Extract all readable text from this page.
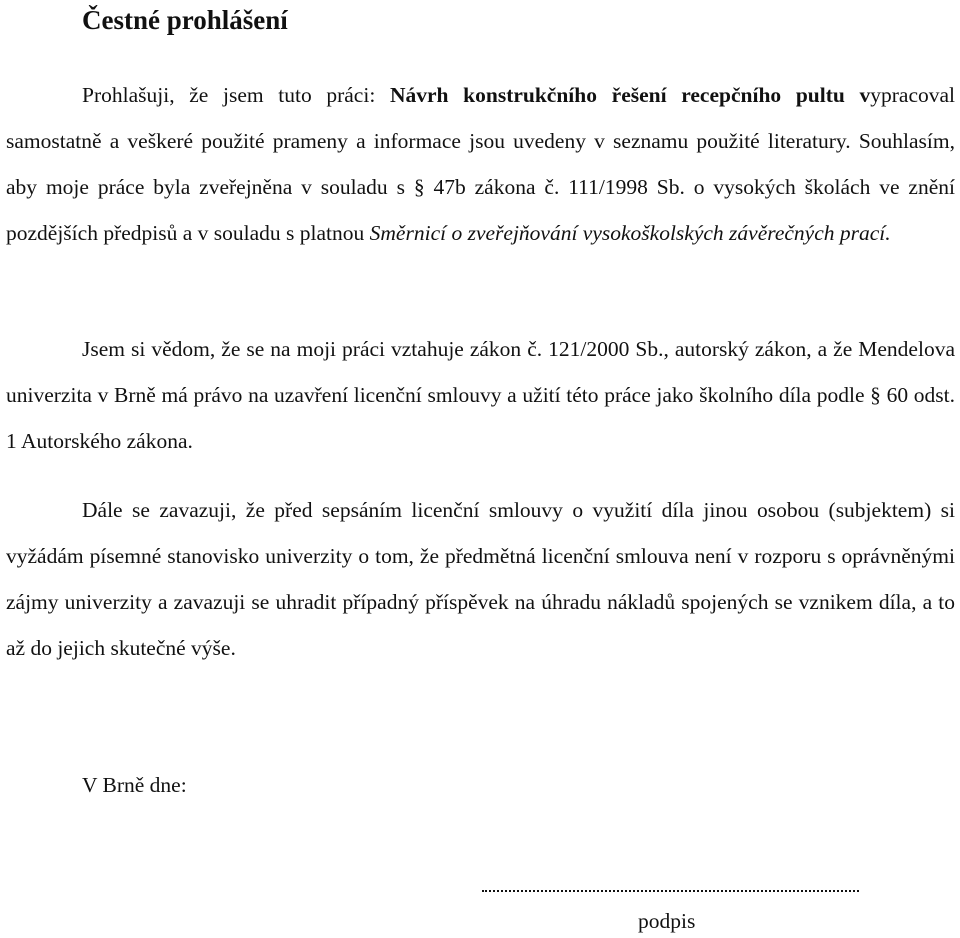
Čestné prohlášení

Prohlašuji, že jsem tuto práci: Návrh konstrukčního řešení recepčního pultu vypracoval samostatně a veškeré použité prameny a informace jsou uvedeny v seznamu použité literatury. Souhlasím, aby moje práce byla zveřejněna v souladu s § 47b zákona č. 111/1998 Sb. o vysokých školách ve znění pozdějších předpisů a v souladu s platnou Směrnicí o zveřejňování vysokoškolských závěrečných prací.

Jsem si vědom, že se na moji práci vztahuje zákon č. 121/2000 Sb., autorský zákon, a že Mendelova univerzita v Brně má právo na uzavření licenční smlouvy a užití této práce jako školního díla podle § 60 odst. 1 Autorského zákona.

Dále se zavazuji, že před sepsáním licenční smlouvy o využití díla jinou osobou (subjektem) si vyžádám písemné stanovisko univerzity o tom, že předmětná licenční smlouva není v rozporu s oprávněnými zájmy univerzity a zavazuji se uhradit případný příspěvek na úhradu nákladů spojených se vznikem díla, a to až do jejich skutečné výše.

V Brně dne:
podpis
